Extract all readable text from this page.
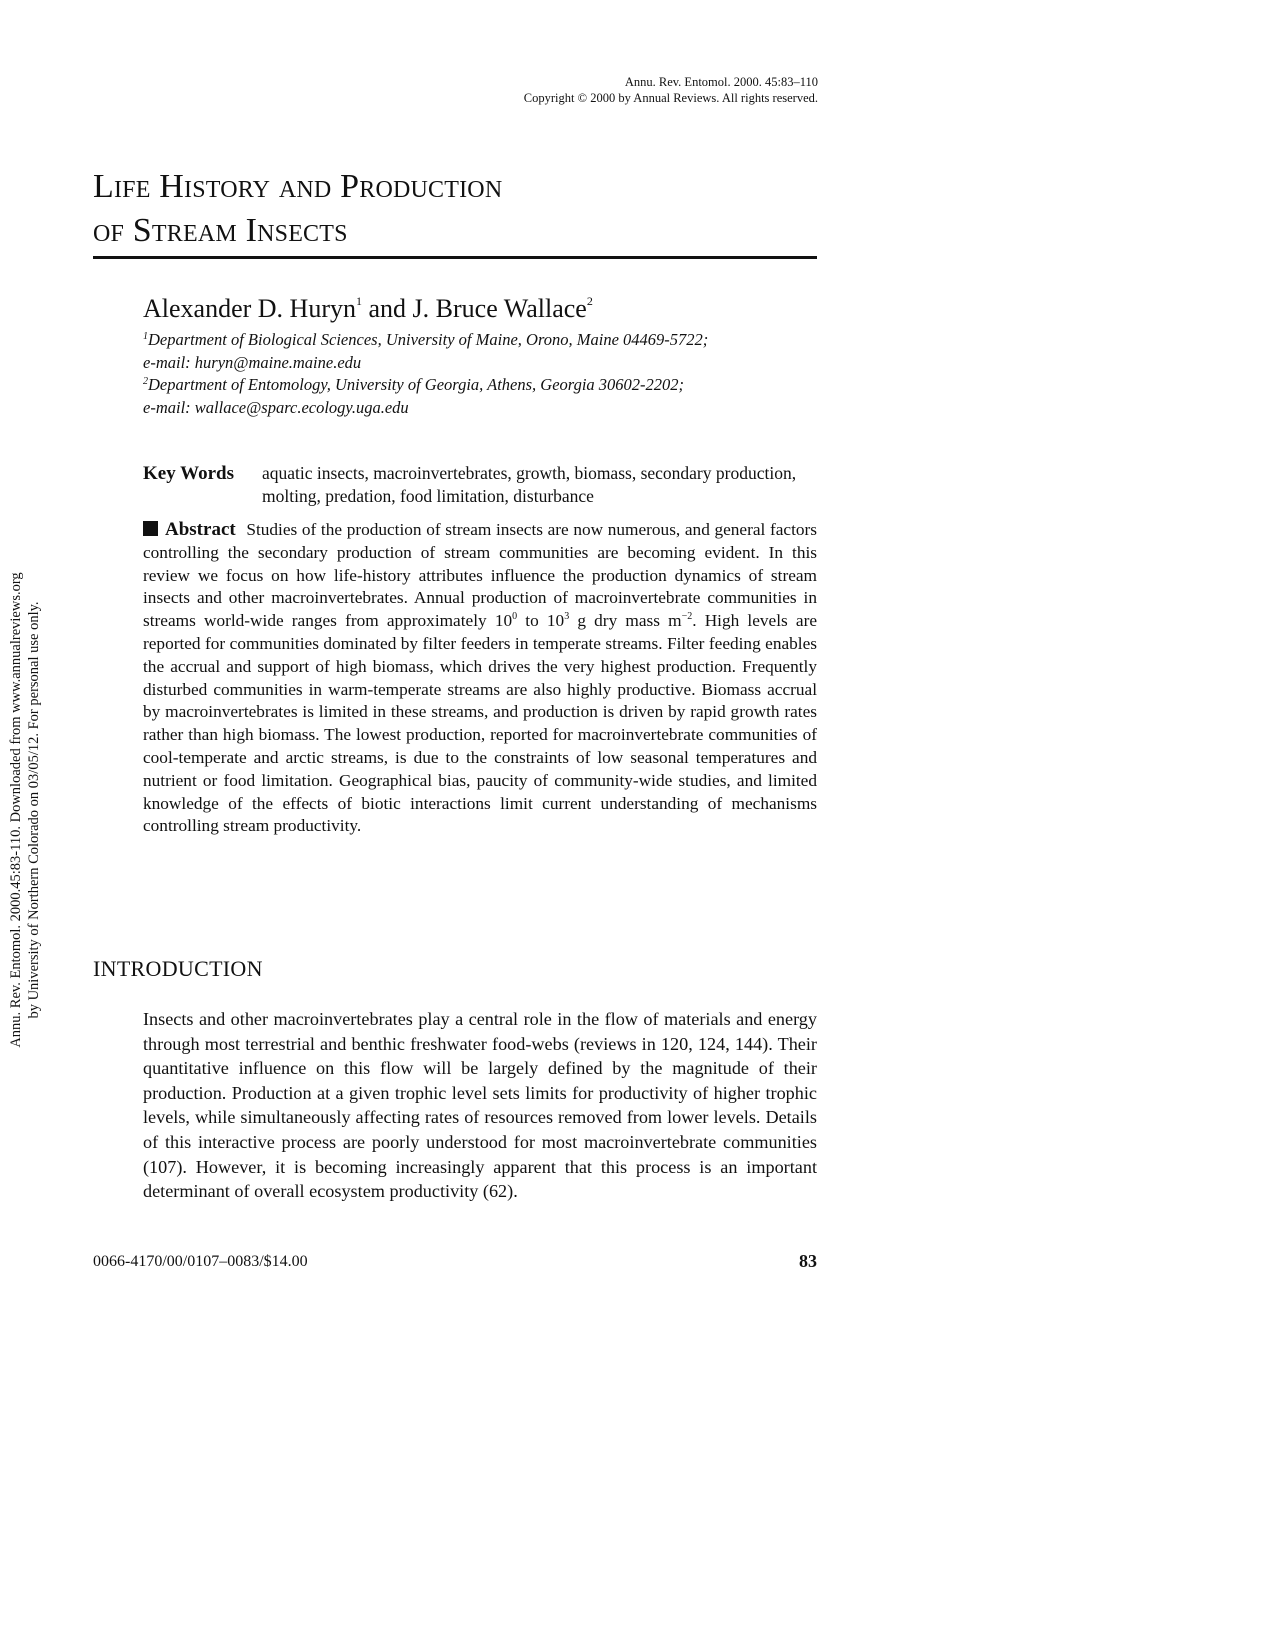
Annu. Rev. Entomol. 2000. 45:83–110
Copyright © 2000 by Annual Reviews. All rights reserved.
Life History and Production
of Stream Insects
Alexander D. Huryn$^1$ and J. Bruce Wallace$^2$
$^1$Department of Biological Sciences, University of Maine, Orono, Maine 04469-5722;
e-mail: huryn@maine.maine.edu
$^2$Department of Entomology, University of Georgia, Athens, Georgia 30602-2202;
e-mail: wallace@sparc.ecology.uga.edu
Key Words aquatic insects, macroinvertebrates, growth, biomass, secondary production, molting, predation, food limitation, disturbance
Abstract Studies of the production of stream insects are now numerous, and general factors controlling the secondary production of stream communities are becoming evident. In this review we focus on how life-history attributes influence the production dynamics of stream insects and other macroinvertebrates. Annual production of macroinvertebrate communities in streams world-wide ranges from approximately $10^0$ to $10^3$ g dry mass $m^{-2}$. High levels are reported for communities dominated by filter feeders in temperate streams. Filter feeding enables the accrual and support of high biomass, which drives the very highest production. Frequently disturbed communities in warm-temperate streams are also highly productive. Biomass accrual by macroinvertebrates is limited in these streams, and production is driven by rapid growth rates rather than high biomass. The lowest production, reported for macroinvertebrate communities of cool-temperate and arctic streams, is due to the constraints of low seasonal temperatures and nutrient or food limitation. Geographical bias, paucity of community-wide studies, and limited knowledge of the effects of biotic interactions limit current understanding of mechanisms controlling stream productivity.
INTRODUCTION
Insects and other macroinvertebrates play a central role in the flow of materials and energy through most terrestrial and benthic freshwater food-webs (reviews in 120, 124, 144). Their quantitative influence on this flow will be largely defined by the magnitude of their production. Production at a given trophic level sets limits for productivity of higher trophic levels, while simultaneously affecting rates of resources removed from lower levels. Details of this interactive process are poorly understood for most macroinvertebrate communities (107). However, it is becoming increasingly apparent that this process is an important determinant of overall ecosystem productivity (62).
0066-4170/00/0107–0083/$14.00	83
Annu. Rev. Entomol. 2000.45:83-110. Downloaded from www.annualreviews.org by University of Northern Colorado on 03/05/12. For personal use only.
